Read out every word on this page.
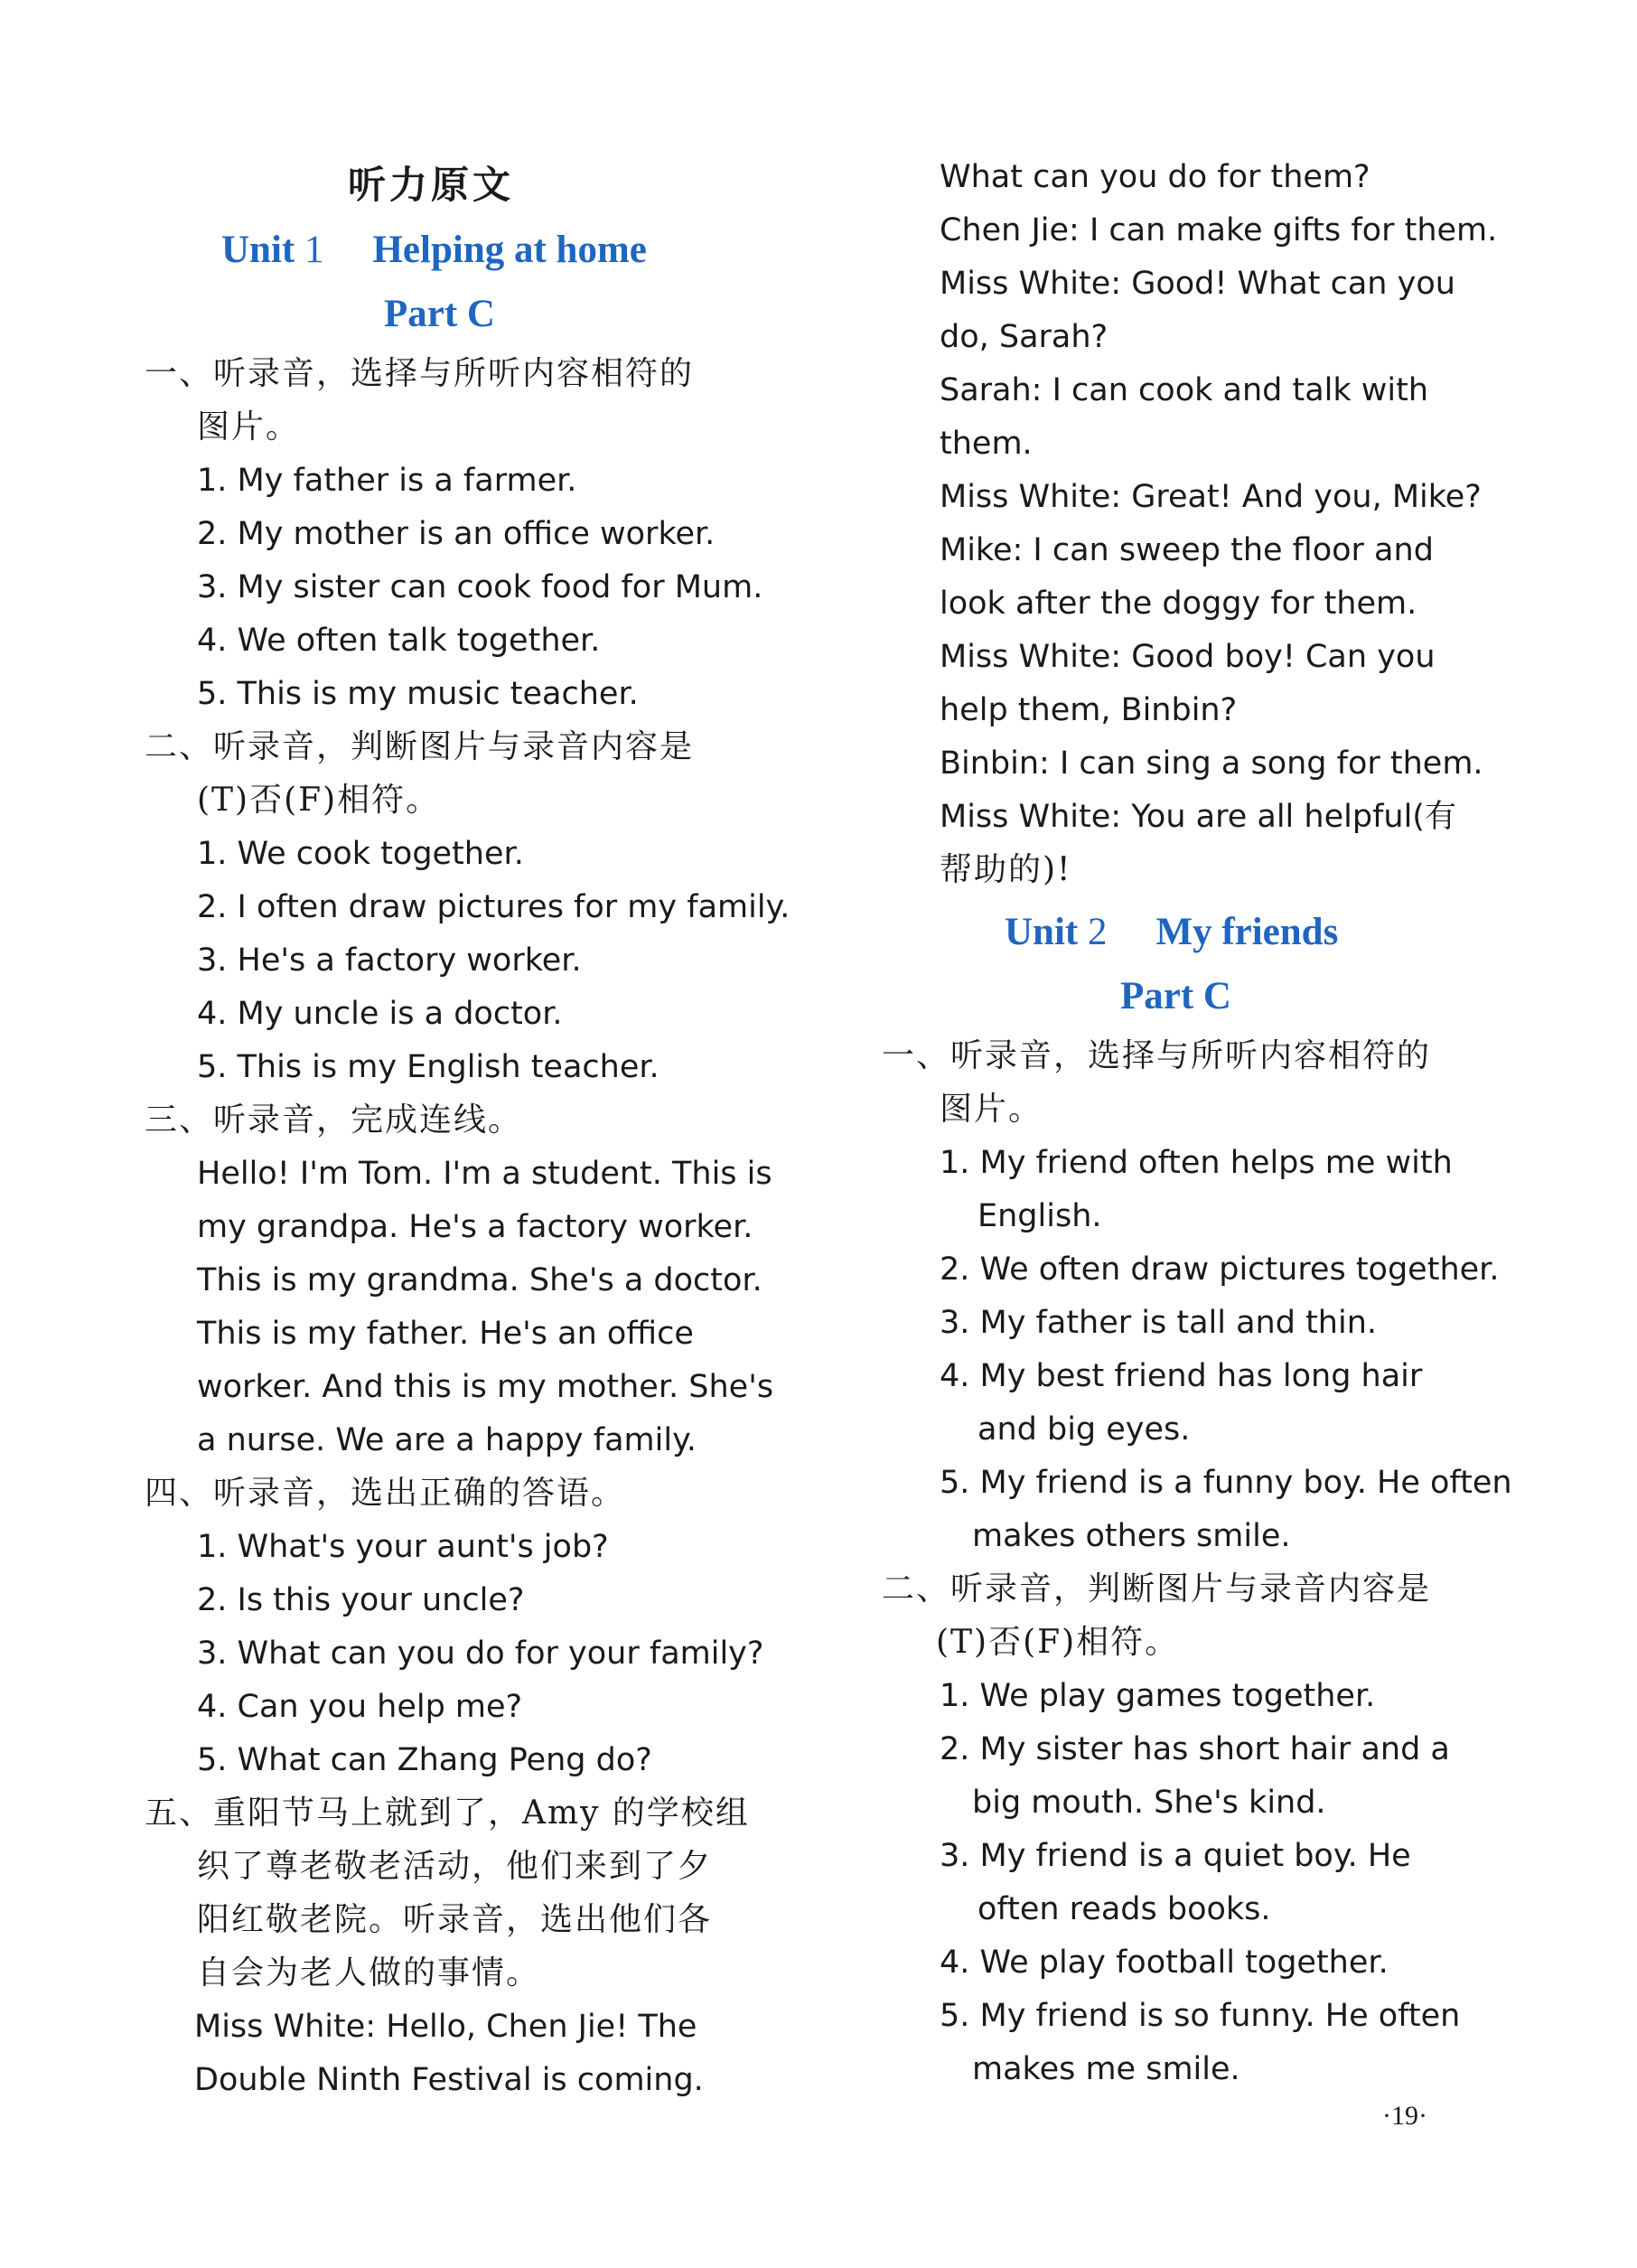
听力原文
Unit 1 Helping at home
Part C
一、听录音，选择与所听内容相符的
图片。
1. My father is a farmer.
2. My mother is an office worker.
3. My sister can cook food for Mum.
4. We often talk together.
5. This is my music teacher.
二、听录音，判断图片与录音内容是
(T)否(F)相符。
1. We cook together.
2. I often draw pictures for my family.
3. He's a factory worker.
4. My uncle is a doctor.
5. This is my English teacher.
三、听录音，完成连线。
Hello! I'm Tom. I'm a student. This is
my grandpa. He's a factory worker.
This is my grandma. She's a doctor.
This is my father. He's an office
worker. And this is my mother. She's
a nurse. We are a happy family.
四、听录音，选出正确的答语。
1. What's your aunt's job?
2. Is this your uncle?
3. What can you do for your family?
4. Can you help me?
5. What can Zhang Peng do?
五、重阳节马上就到了，Amy 的学校组
织了尊老敬老活动，他们来到了夕
阳红敬老院。听录音，选出他们各
自会为老人做的事情。
Miss White: Hello, Chen Jie! The
Double Ninth Festival is coming.
What can you do for them?
Chen Jie: I can make gifts for them.
Miss White: Good! What can you
do, Sarah?
Sarah: I can cook and talk with
them.
Miss White: Great! And you, Mike?
Mike: I can sweep the floor and
look after the doggy for them.
Miss White: Good boy! Can you
help them, Binbin?
Binbin: I can sing a song for them.
Miss White: You are all helpful(有
帮助的)!
Unit 2 My friends
Part C
一、听录音，选择与所听内容相符的
图片。
1. My friend often helps me with
English.
2. We often draw pictures together.
3. My father is tall and thin.
4. My best friend has long hair
and big eyes.
5. My friend is a funny boy. He often
makes others smile.
二、听录音，判断图片与录音内容是
(T)否(F)相符。
1. We play games together.
2. My sister has short hair and a
big mouth. She's kind.
3. My friend is a quiet boy. He
often reads books.
4. We play football together.
5. My friend is so funny. He often
makes me smile.
·19·
